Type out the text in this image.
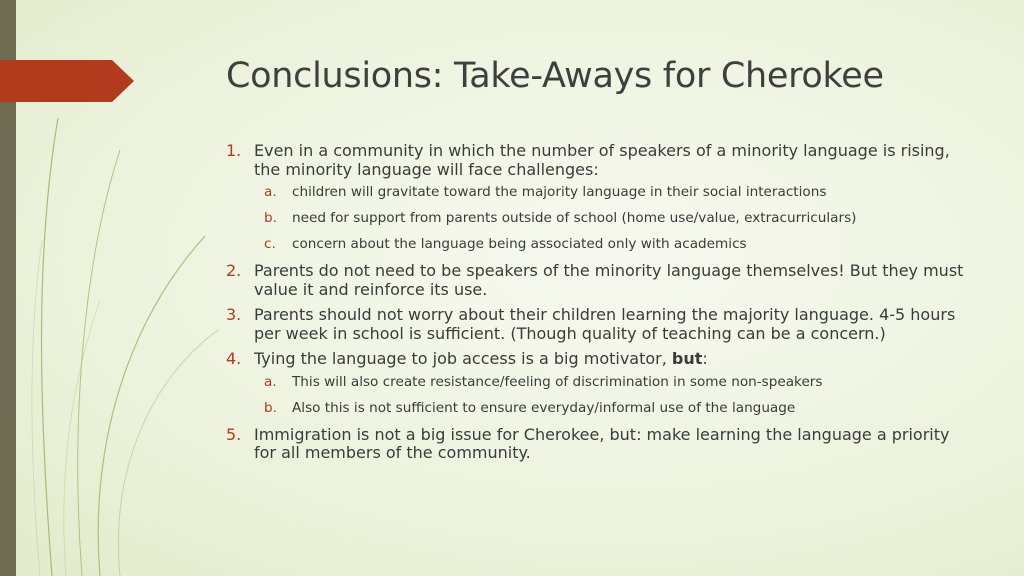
Conclusions: Take-Aways for Cherokee
1. Even in a community in which the number of speakers of a minority language is rising, the minority language will face challenges:
a. children will gravitate toward the majority language in their social interactions
b. need for support from parents outside of school (home use/value, extracurriculars)
c. concern about the language being associated only with academics
2. Parents do not need to be speakers of the minority language themselves! But they must value it and reinforce its use.
3. Parents should not worry about their children learning the majority language. 4-5 hours per week in school is sufficient. (Though quality of teaching can be a concern.)
4. Tying the language to job access is a big motivator, but:
a. This will also create resistance/feeling of discrimination in some non-speakers
b. Also this is not sufficient to ensure everyday/informal use of the language
5. Immigration is not a big issue for Cherokee, but: make learning the language a priority for all members of the community.
